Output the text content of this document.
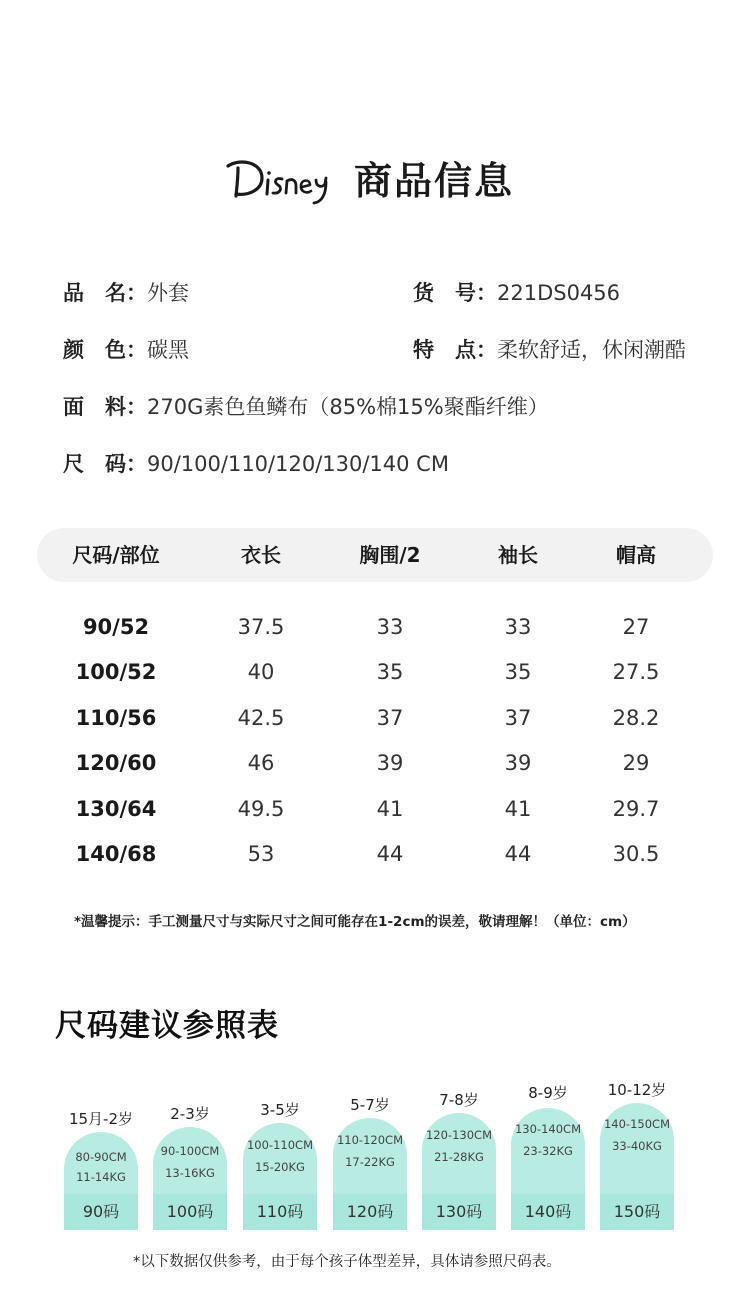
商品信息
品　名：外套	货　号：221DS0456
颜　色：碳黑	特　点：柔软舒适，休闲潮酷
面　料：270G素色鱼鳞布（85%棉15%聚酯纤维）
尺　码：90/100/110/120/130/140 CM
尺码/部位	衣长	胸围/2	袖长	帽高
90/52	37.5	33	33	27
100/52	40	35	35	27.5
110/56	42.5	37	37	28.2
120/60	46	39	39	29
130/64	49.5	41	41	29.7
140/68	53	44	44	30.5
*温馨提示：手工测量尺寸与实际尺寸之间可能存在1-2cm的误差，敬请理解！（单位：cm）
尺码建议参照表
15月-2岁
80-90CM
11-14KG
90码
2-3岁
90-100CM
13-16KG
100码
3-5岁
100-110CM
15-20KG
110码
5-7岁
110-120CM
17-22KG
120码
7-8岁
120-130CM
21-28KG
130码
8-9岁
130-140CM
23-32KG
140码
10-12岁
140-150CM
33-40KG
150码
*以下数据仅供参考，由于每个孩子体型差异，具体请参照尺码表。
